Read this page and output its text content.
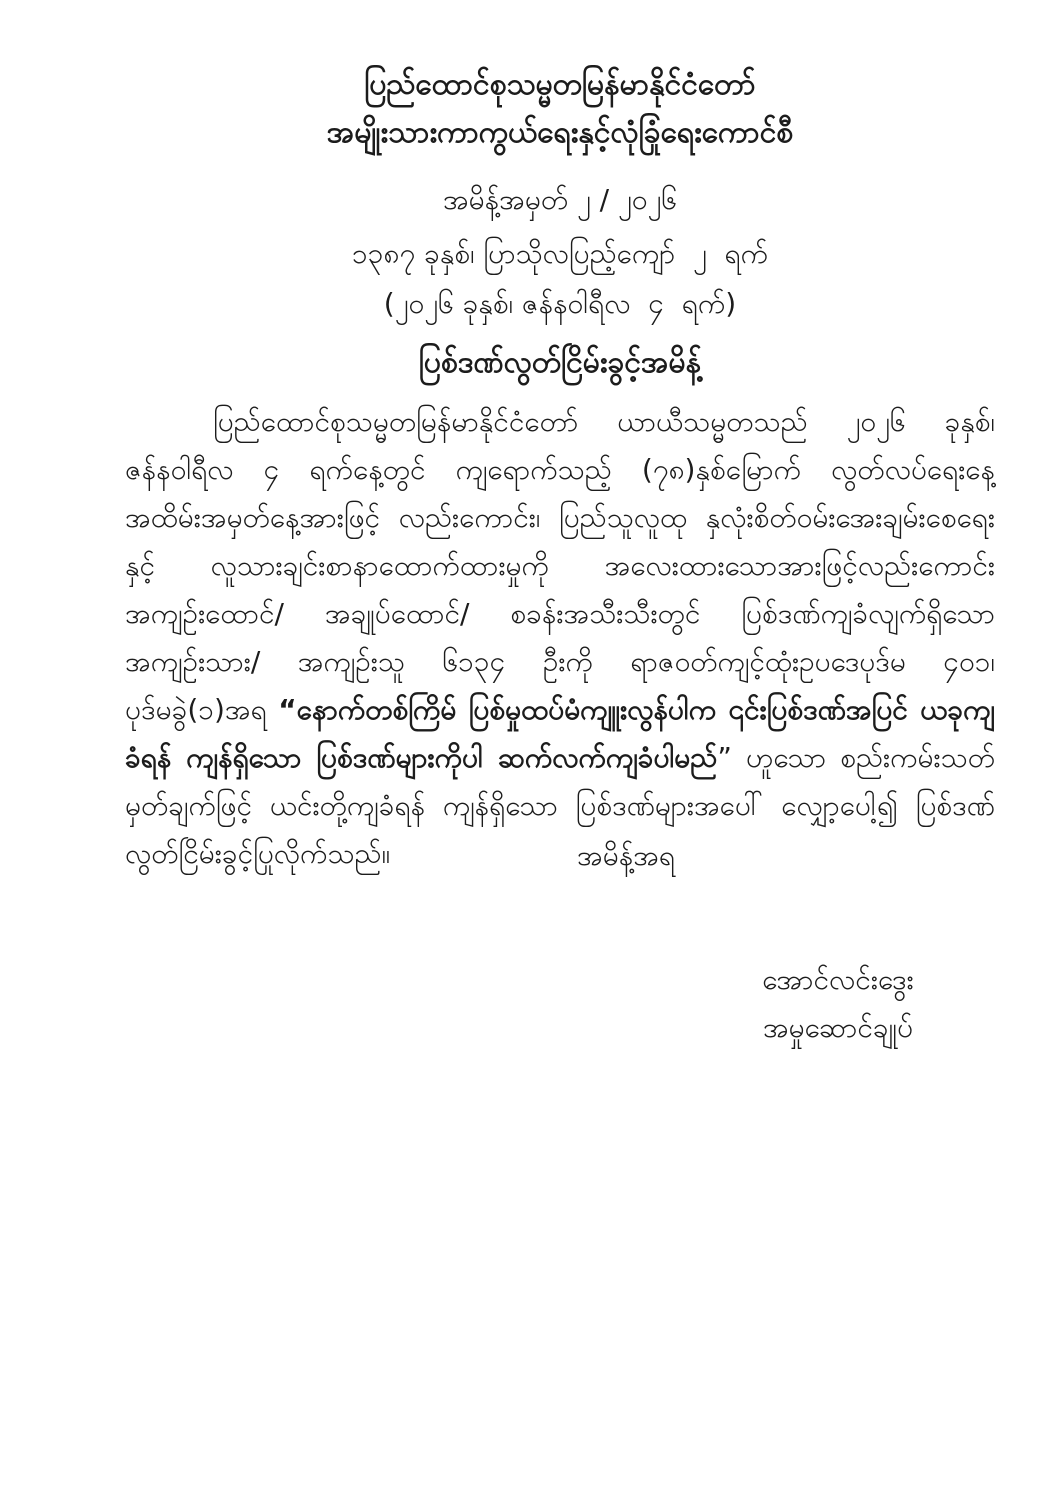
ပြည်ထောင်စုသမ္မတမြန်မာနိုင်ငံတော်
အမျိုးသားကာကွယ်ရေးနှင့်လုံခြုံရေးကောင်စီ
အမိန့်အမှတ် ၂ / ၂၀၂၆
၁၃၈၇ ခုနှစ်၊ ပြာသိုလပြည့်ကျော်  ၂  ရက်
(၂၀၂၆ ခုနှစ်၊ ဇန်နဝါရီလ  ၄  ရက်)
ပြစ်ဒဏ်လွတ်ငြိမ်းခွင့်အမိန့်

ပြည်ထောင်စုသမ္မတမြန်မာနိုင်ငံတော် ယာယီသမ္မတသည် ၂၀၂၆ ခုနှစ်၊ ဇန်နဝါရီလ ၄ ရက်နေ့တွင် ကျရောက်သည့် (၇၈)နှစ်မြောက် လွတ်လပ်ရေးနေ့ အထိမ်းအမှတ်နေ့အားဖြင့် လည်းကောင်း၊ ပြည်သူလူထု နှလုံးစိတ်ဝမ်းအေးချမ်းစေရေးနှင့် လူသားချင်းစာနာထောက်ထားမှုကို အလေးထားသောအားဖြင့်လည်းကောင်း အကျဉ်းထောင်/ အချုပ်ထောင်/ စခန်းအသီးသီးတွင် ပြစ်ဒဏ်ကျခံလျက်ရှိသော အကျဉ်းသား/ အကျဉ်းသူ ၆၁၃၄ ဦးကို ရာဇဝတ်ကျင့်ထုံးဥပဒေပုဒ်မ ၄၀၁၊ ပုဒ်မခွဲ(၁)အရ “နောက်တစ်ကြိမ် ပြစ်မှုထပ်မံကျူးလွန်ပါက ၎င်းပြစ်ဒဏ်အပြင် ယခုကျခံရန် ကျန်ရှိသော ပြစ်ဒဏ်များကိုပါ ဆက်လက်ကျခံပါမည်” ဟူသော စည်းကမ်းသတ်မှတ်ချက်ဖြင့် ယင်းတို့ကျခံရန် ကျန်ရှိသော ပြစ်ဒဏ်များအပေါ် လျှော့ပေါ့၍ ပြစ်ဒဏ်လွတ်ငြိမ်းခွင့်ပြုလိုက်သည်။	အမိန့်အရ
အောင်လင်းဒွေး
အမှုဆောင်ချုပ်
